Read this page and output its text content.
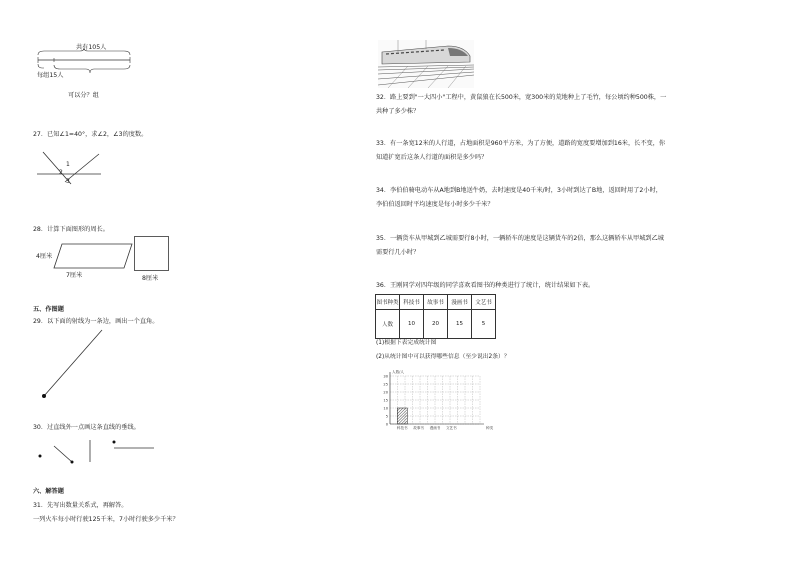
共有105人
每组15人
可以分？组
27．已知∠1=40°，求∠2，∠3的度数。
1
2
3
28．计算下面图形的周长。
4厘米
7厘米	8厘米
五、作图题
29．以下面的射线为一条边，画出一个直角。
30．过直线外一点画这条直线的垂线。
六、解答题
31．先写出数量关系式，再解答。
一列火车每小时行驶125千米，7小时行驶多少千米？
32．路上要到"一大四小"工程中，黄鼠狼在长500米，宽300米的荒地种上了毛竹，每公顷约种500株，一
共种了多少株？
33．有一条宽12米的人行道，占地面积是960平方米，为了方便，道路的宽度要增加到16米，长不变，你
知道扩宽后这条人行道的面积是多少吗？
34．李伯伯骑电动车从A地到B地送牛奶，去时速度是40千米/时，3小时到达了B地，返回时用了2小时，
李伯伯返回时平均速度是每小时多少千米？
35．一辆货车从甲城到乙城需要行8小时，一辆轿车的速度是这辆货车的2倍，那么这辆轿车从甲城到乙城
需要行几小时？
36．王刚同学对四年级的同学喜欢看图书的种类进行了统计，统计结果如下表。
图书种类	科技书	故事书	漫画书	文艺书
人数	10	20	15	5
(1)根据下表完成统计图
(2)从统计图中可以获得哪些信息（至少说出2条）？
0
5
10
15
20
25
30
人数/人
科技书 故事书 漫画书 文艺书	种类
